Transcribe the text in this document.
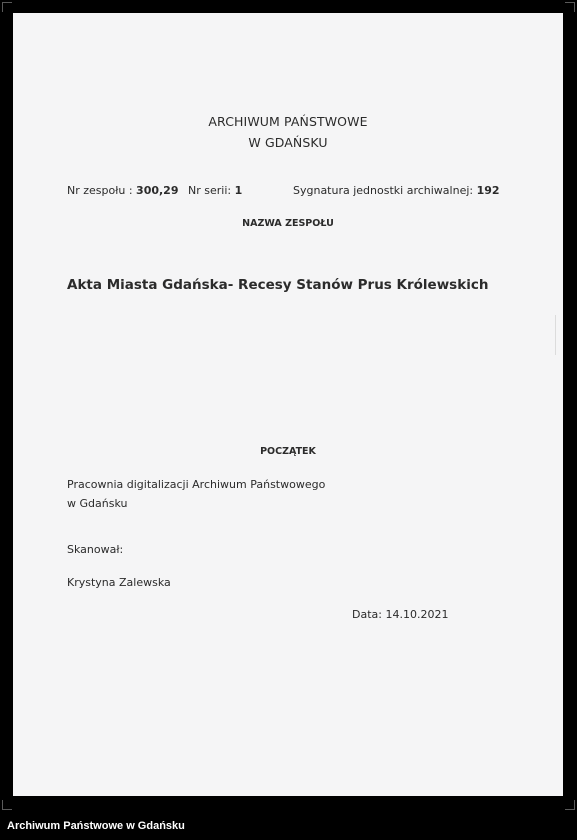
ARCHIWUM PAŃSTWOWE
W GDAŃSKU
Nr zespołu : 300,29 Nr serii: 1	Sygnatura jednostki archiwalnej: 192
NAZWA ZESPOŁU
Akta Miasta Gdańska- Recesy Stanów Prus Królewskich
POCZĄTEK
Pracownia digitalizacji Archiwum Państwowego
w Gdańsku
Skanował:
Krystyna Zalewska
Data: 14.10.2021
Archiwum Państwowe w Gdańsku
